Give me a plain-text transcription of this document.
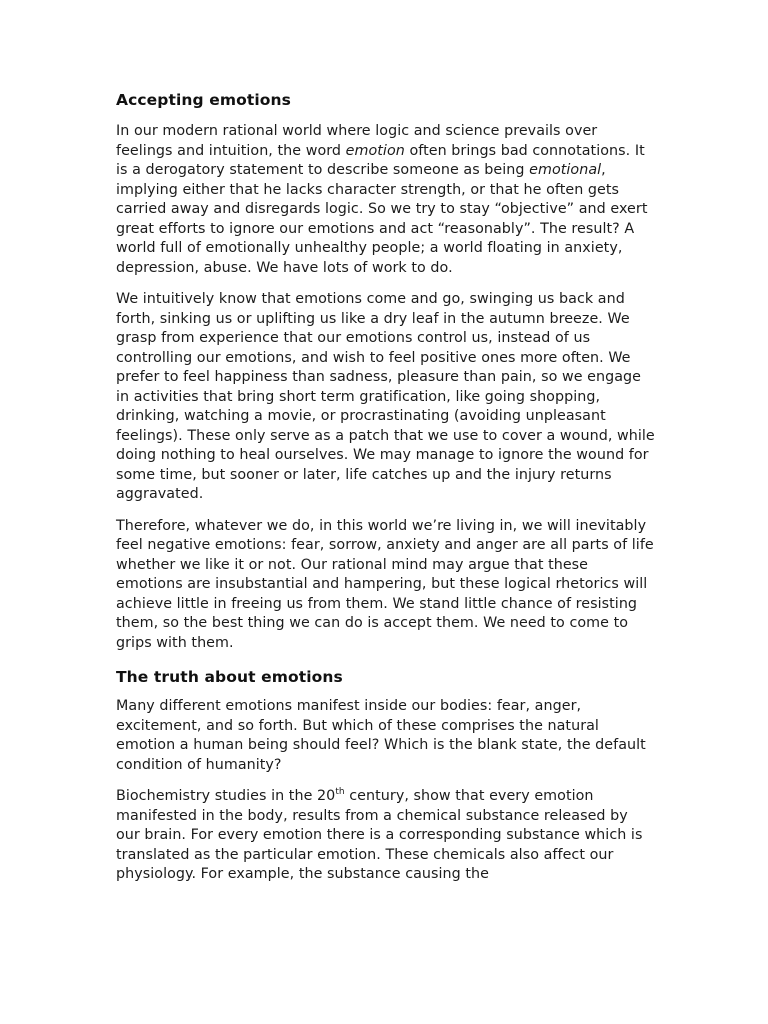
Accepting emotions

In our modern rational world where logic and science prevails over feelings and intuition, the word emotion often brings bad connotations. It is a derogatory statement to describe someone as being emotional, implying either that he lacks character strength, or that he often gets carried away and disregards logic. So we try to stay “objective” and exert great efforts to ignore our emotions and act “reasonably”. The result? A world full of emotionally unhealthy people; a world floating in anxiety, depression, abuse. We have lots of work to do.

We intuitively know that emotions come and go, swinging us back and forth, sinking us or uplifting us like a dry leaf in the autumn breeze. We grasp from experience that our emotions control us, instead of us controlling our emotions, and wish to feel positive ones more often. We prefer to feel happiness than sadness, pleasure than pain, so we engage in activities that bring short term gratification, like going shopping, drinking, watching a movie, or procrastinating (avoiding unpleasant feelings). These only serve as a patch that we use to cover a wound, while doing nothing to heal ourselves. We may manage to ignore the wound for some time, but sooner or later, life catches up and the injury returns aggravated.

Therefore, whatever we do, in this world we’re living in, we will inevitably feel negative emotions: fear, sorrow, anxiety and anger are all parts of life whether we like it or not. Our rational mind may argue that these emotions are insubstantial and hampering, but these logical rhetorics will achieve little in freeing us from them. We stand little chance of resisting them, so the best thing we can do is accept them. We need to come to grips with them.

The truth about emotions

Many different emotions manifest inside our bodies: fear, anger, excitement, and so forth. But which of these comprises the natural emotion a human being should feel? Which is the blank state, the default condition of humanity?

Biochemistry studies in the 20th century, show that every emotion manifested in the body, results from a chemical substance released by our brain. For every emotion there is a corresponding substance which is translated as the particular emotion. These chemicals also affect our physiology. For example, the substance causing the
